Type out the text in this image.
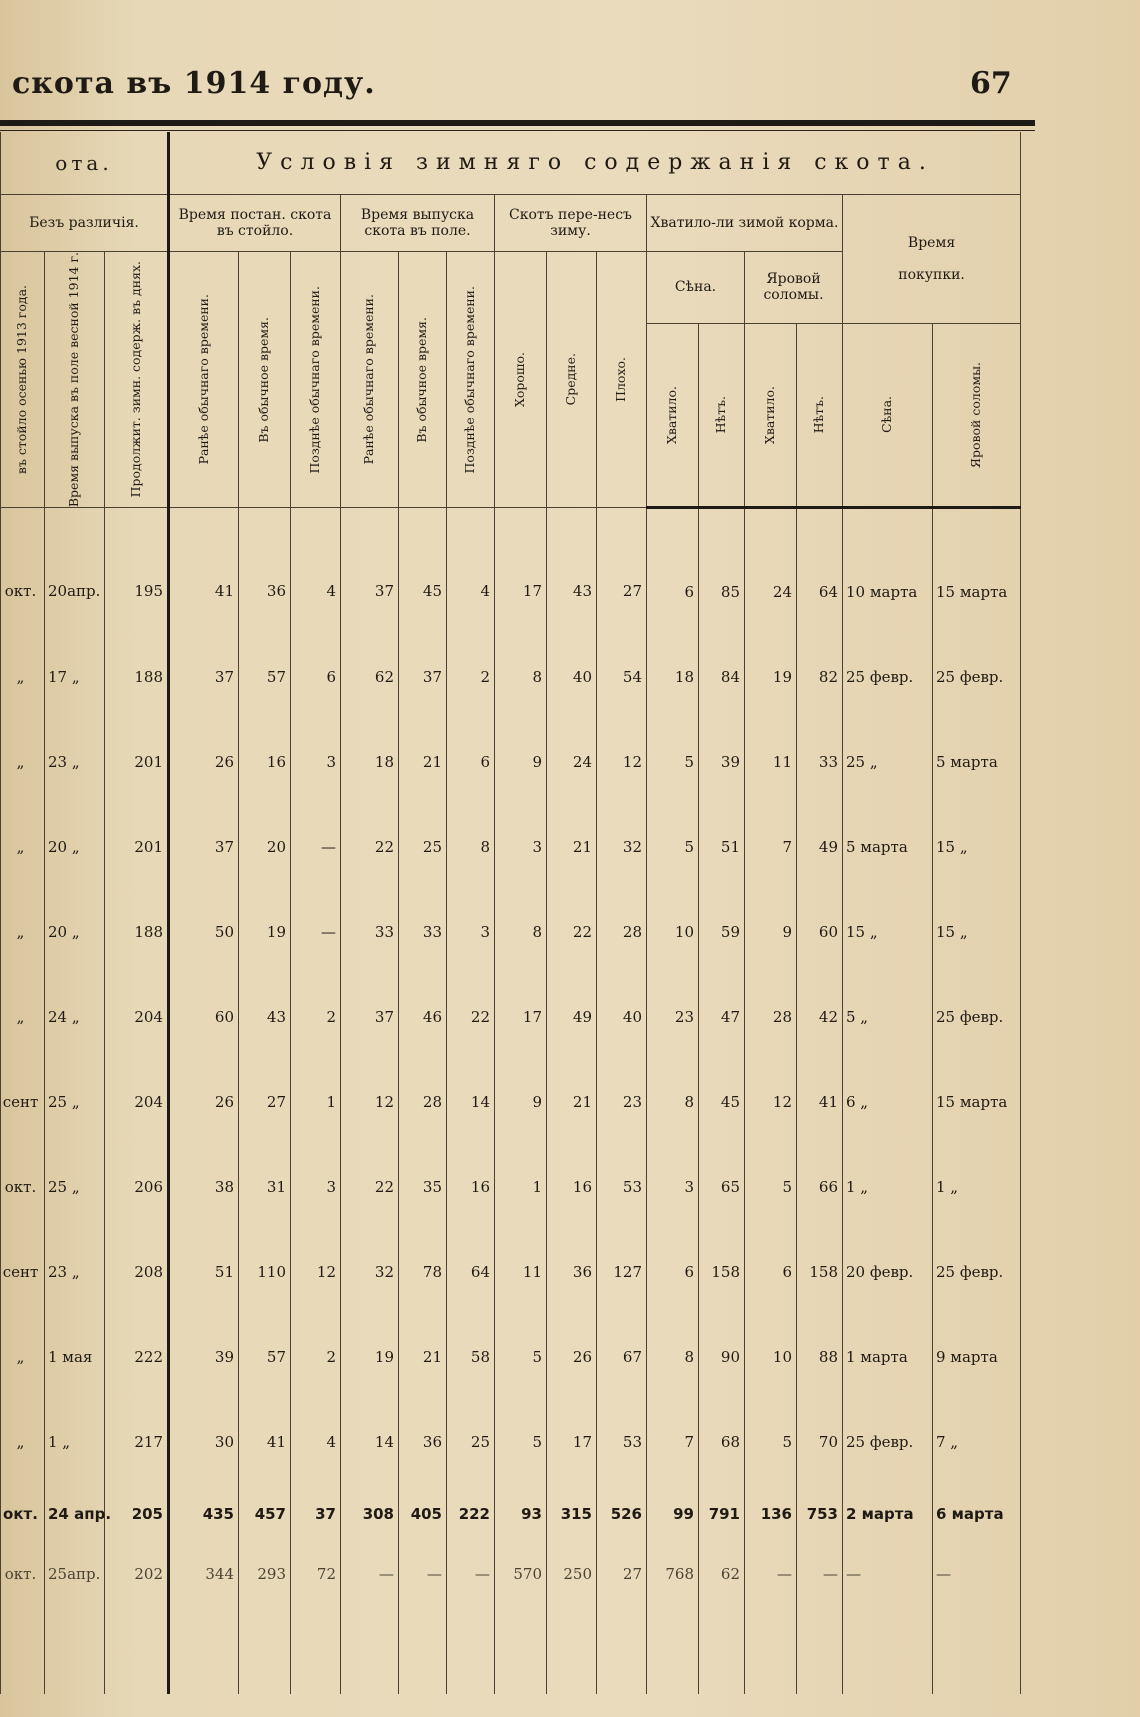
скота въ 1914 году.	67
ота.			Условія зимняго содержанія скота.														
Безъ различія.			Время постан. скота въ стойло.			Время выпуска скота въ поле.			Скотъ пере-несъ зиму.			Хватило-ли зимой корма.				Время

покупки.	

въ стойло осенью 1913 года.	Время выпуска въ поле весной 1914 г.	Продолжит. зимн. содерж. въ днях.	Ранѣе обычнаго времени.	Въ обычное время.	Позднѣе обычнаго времени.	Ранѣе обычнаго времени.	Въ обычное время.	Позднѣе обычнаго времени.	Хорошо.	Средне.	Плохо.	Сѣна.		Яровой соломы.			

												Хватило.	Нѣтъ.	Хватило.	Нѣтъ.	Сѣна.	Яровой соломы.

окт.	20апр.	195	41	36	4	37	45	4	17	43	27	6	85	24	64	10 марта	15 марта
„	17 „	188	37	57	6	62	37	2	8	40	54	18	84	19	82	25 февр.	25 февр.
„	23 „	201	26	16	3	18	21	6	9	24	12	5	39	11	33	25 „	5 марта
„	20 „	201	37	20	—	22	25	8	3	21	32	5	51	7	49	5 марта	15 „
„	20 „	188	50	19	—	33	33	3	8	22	28	10	59	9	60	15 „	15 „
„	24 „	204	60	43	2	37	46	22	17	49	40	23	47	28	42	5 „	25 февр.
сент	25 „	204	26	27	1	12	28	14	9	21	23	8	45	12	41	6 „	15 марта
окт.	25 „	206	38	31	3	22	35	16	1	16	53	3	65	5	66	1 „	1 „
сент	23 „	208	51	110	12	32	78	64	11	36	127	6	158	6	158	20 февр.	25 февр.
„	1 мая	222	39	57	2	19	21	58	5	26	67	8	90	10	88	1 марта	9 марта
„	1 „	217	30	41	4	14	36	25	5	17	53	7	68	5	70	25 февр.	7 „
окт.	24 апр.	205	435	457	37	308	405	222	93	315	526	99	791	136	753	2 марта	6 марта
окт.	25апр.	202	344	293	72	—	—	—	570	250	27	768	62	—	—	—	—
